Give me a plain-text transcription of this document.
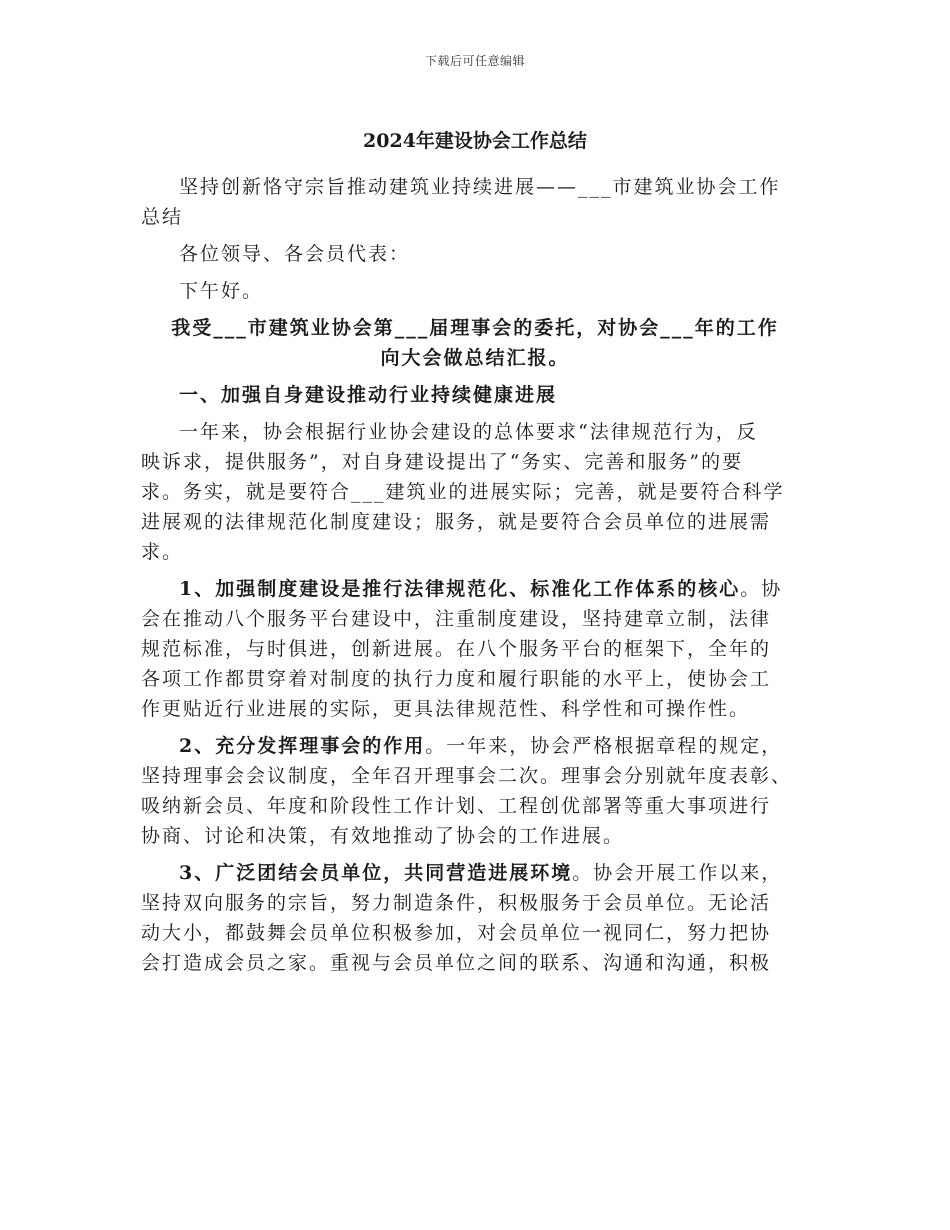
下载后可任意编辑
2024年建设协会工作总结
坚持创新恪守宗旨推动建筑业持续进展——___市建筑业协会工作
总结
各位领导、各会员代表：
下午好。
我受___市建筑业协会第___届理事会的委托，对协会___年的工作
向大会做总结汇报。
一、加强自身建设推动行业持续健康进展
一年来，协会根据行业协会建设的总体要求“法律规范行为，反
映诉求，提供服务”，对自身建设提出了“务实、完善和服务”的要
求。务实，就是要符合___建筑业的进展实际；完善，就是要符合科学
进展观的法律规范化制度建设；服务，就是要符合会员单位的进展需
求。
1、加强制度建设是推行法律规范化、标准化工作体系的核心。协
会在推动八个服务平台建设中，注重制度建设，坚持建章立制，法律
规范标准，与时俱进，创新进展。在八个服务平台的框架下，全年的
各项工作都贯穿着对制度的执行力度和履行职能的水平上，使协会工
作更贴近行业进展的实际，更具法律规范性、科学性和可操作性。
2、充分发挥理事会的作用。一年来，协会严格根据章程的规定，
坚持理事会会议制度，全年召开理事会二次。理事会分别就年度表彰、
吸纳新会员、年度和阶段性工作计划、工程创优部署等重大事项进行
协商、讨论和决策，有效地推动了协会的工作进展。
3、广泛团结会员单位，共同营造进展环境。协会开展工作以来，
坚持双向服务的宗旨，努力制造条件，积极服务于会员单位。无论活
动大小，都鼓舞会员单位积极参加，对会员单位一视同仁，努力把协
会打造成会员之家。重视与会员单位之间的联系、沟通和沟通，积极
